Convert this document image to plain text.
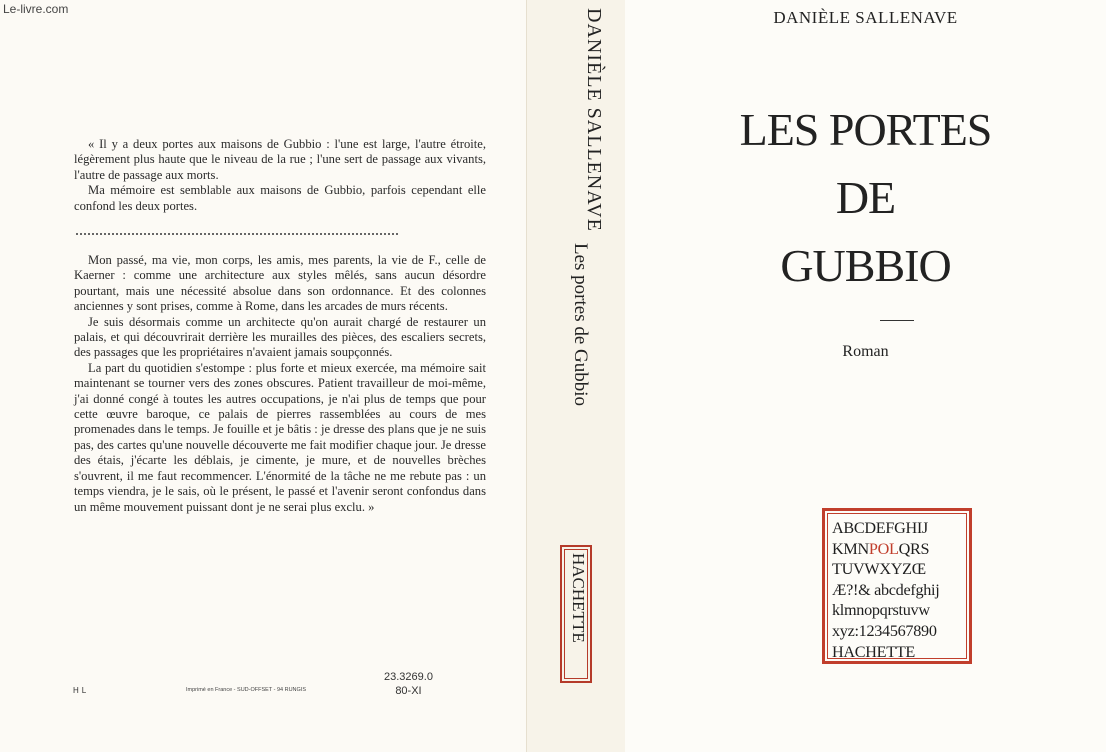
Le-livre.com

« Il y a deux portes aux maisons de Gubbio : l'une est large, l'autre étroite, légèrement plus haute que le niveau de la rue ; l'une sert de passage aux vivants, l'autre de passage aux morts.

Ma mémoire est semblable aux maisons de Gubbio, parfois cependant elle confond les deux portes.

Mon passé, ma vie, mon corps, les amis, mes parents, la vie de F., celle de Kaerner : comme une architecture aux styles mêlés, sans aucun désordre pourtant, mais une nécessité absolue dans son ordonnance. Et des colonnes anciennes y sont prises, comme à Rome, dans les arcades de murs récents.

Je suis désormais comme un architecte qu'on aurait chargé de restaurer un palais, et qui découvrirait derrière les murailles des pièces, des escaliers secrets, des passages que les propriétaires n'avaient jamais soupçonnés.

La part du quotidien s'estompe : plus forte et mieux exercée, ma mémoire sait maintenant se tourner vers des zones obscures. Patient travailleur de moi-même, j'ai donné congé à toutes les autres occupations, je n'ai plus de temps que pour cette œuvre baroque, ce palais de pierres rassemblées au cours de mes promenades dans le temps. Je fouille et je bâtis : je dresse des plans que je ne suis pas, des cartes qu'une nouvelle découverte me fait modifier chaque jour. Je dresse des étais, j'écarte les déblais, je cimente, je mure, et de nouvelles brèches s'ouvrent, il me faut recommencer. L'énormité de la tâche ne me rebute pas : un temps viendra, je le sais, où le présent, le passé et l'avenir seront confondus dans un même mouvement puissant dont je ne serai plus exclu. »

HL	Imprimé en France - SUD-OFFSET - 94 RUNGIS
23.3269.0
80-XI
DANIÈLE SALLENAVE
Les portes de Gubbio
HACHETTE
DANIÈLE SALLENAVE
LES PORTES
DE
GUBBIO
Roman
ABCDEFGHIJ
KMNPOLQRS
TUVWXYZŒ
Æ?!& abcdefghij
klmnopqrstuvw
xyz:1234567890
HACHETTE
